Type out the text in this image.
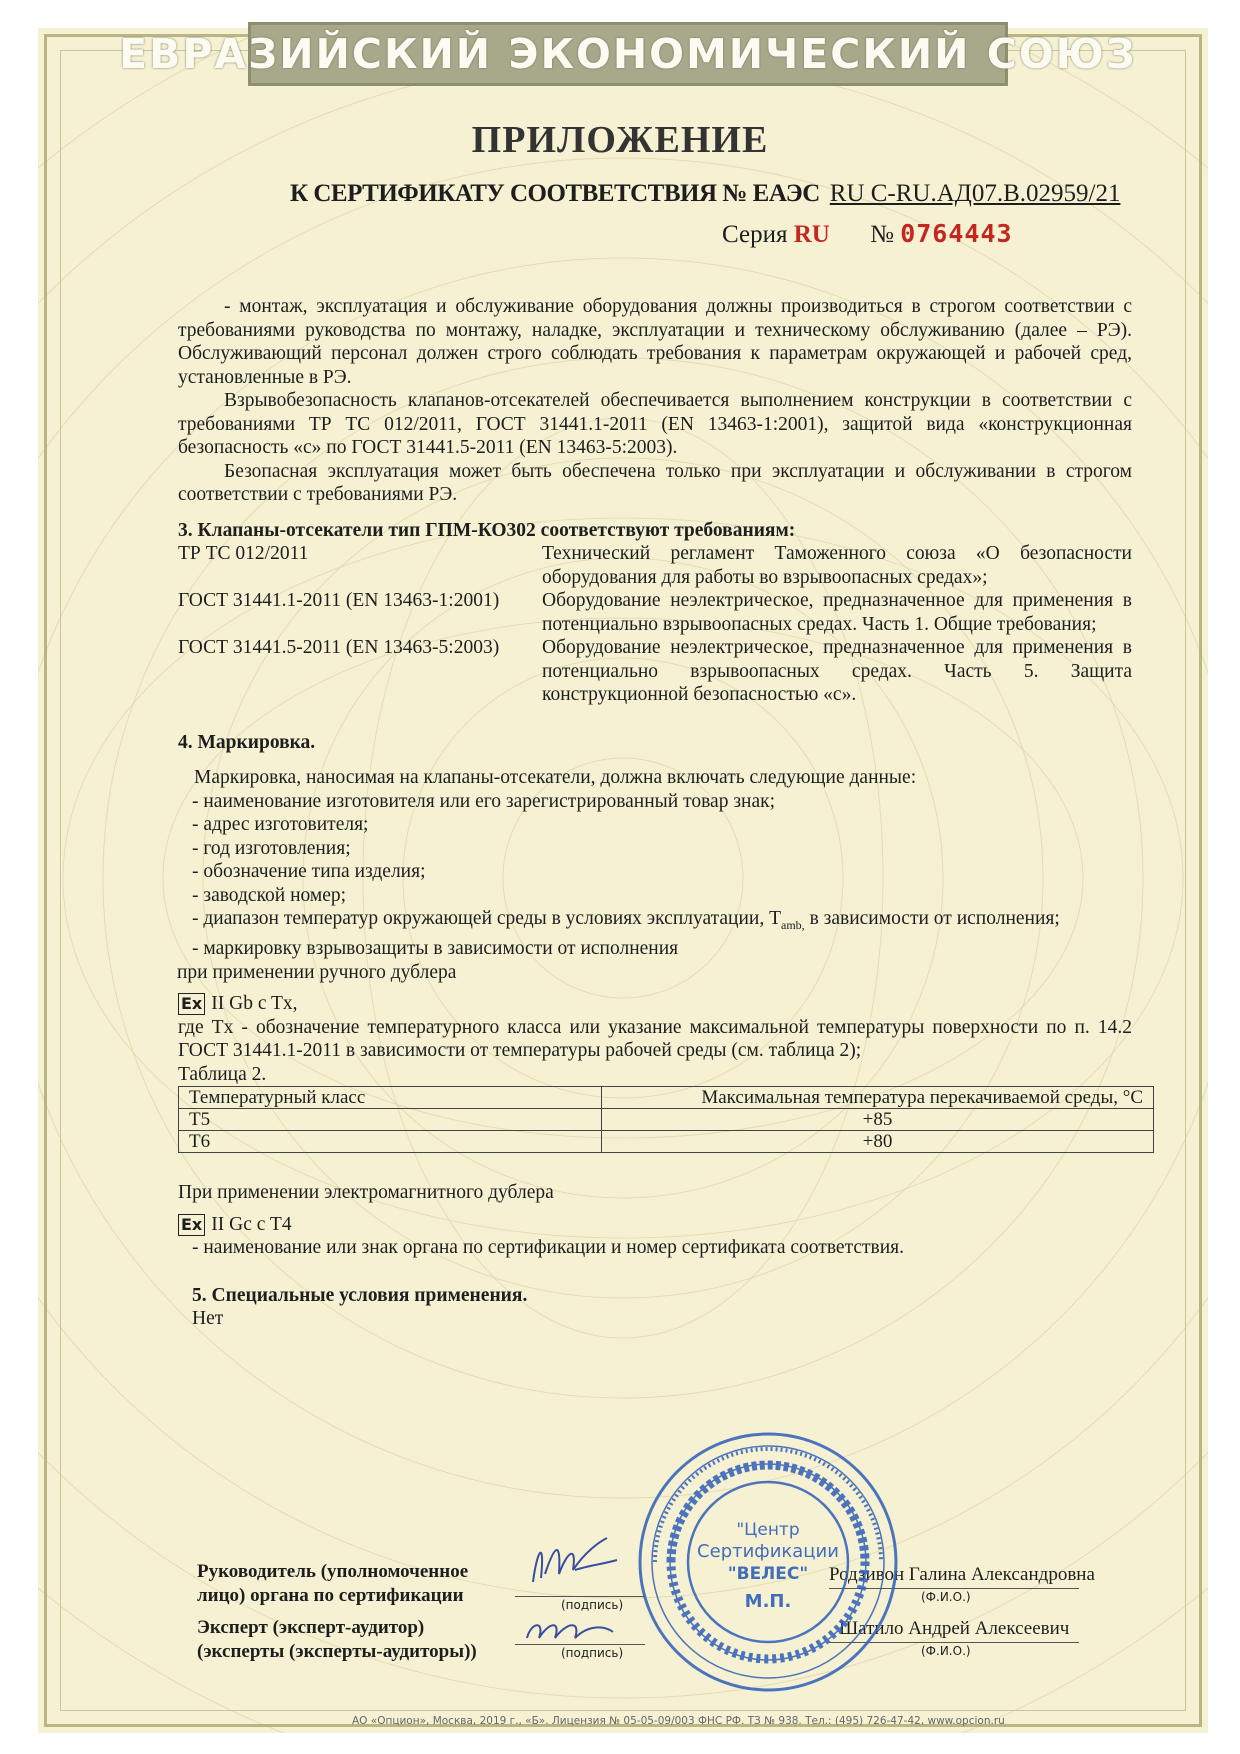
ЕВРАЗИЙСКИЙ ЭКОНОМИЧЕСКИЙ СОЮЗ
ПРИЛОЖЕНИЕ
К СЕРТИФИКАТУ СООТВЕТСТВИЯ № ЕАЭС RU С-RU.АД07.В.02959/21
Серия RU № 0764443

- монтаж, эксплуатация и обслуживание оборудования должны производиться в строгом соответствии с требованиями руководства по монтажу, наладке, эксплуатации и техническому обслуживанию (далее – РЭ). Обслуживающий персонал должен строго соблюдать требования к параметрам окружающей и рабочей сред, установленные в РЭ.

Взрывобезопасность клапанов-отсекателей обеспечивается выполнением конструкции в соответствии с требованиями ТР ТС 012/2011, ГОСТ 31441.1-2011 (EN 13463-1:2001), защитой вида «конструкционная безопасность «с» по ГОСТ 31441.5-2011 (EN 13463-5:2003).

Безопасная эксплуатация может быть обеспечена только при эксплуатации и обслуживании в строгом соответствии с требованиями РЭ.

3. Клапаны-отсекатели тип ГПМ-КО302 соответствуют требованиям:

ТР ТС 012/2011	Технический регламент Таможенного союза «О безопасности оборудования для работы во взрывоопасных средах»;
ГОСТ 31441.1-2011 (EN 13463-1:2001)	Оборудование неэлектрическое, предназначенное для применения в потенциально взрывоопасных средах. Часть 1. Общие требования;
ГОСТ 31441.5-2011 (EN 13463-5:2003)	Оборудование неэлектрическое, предназначенное для применения в потенциально взрывоопасных средах. Часть 5. Защита конструкционной безопасностью «с».

4. Маркировка.

Маркировка, наносимая на клапаны-отсекатели, должна включать следующие данные:
- наименование изготовителя или его зарегистрированный товар знак;
- адрес изготовителя;
- год изготовления;
- обозначение типа изделия;
- заводской номер;
- диапазон температур окружающей среды в условиях эксплуатации, $T_{amb,}$ в зависимости от исполнения;
- маркировку взрывозащиты в зависимости от исполнения
при применении ручного дублера
Ex II Gb c Tx,

где Tx - обозначение температурного класса или указание максимальной температуры поверхности по п. 14.2 ГОСТ 31441.1-2011 в зависимости от температуры рабочей среды (см. таблица 2);

Таблица 2.
Температурный класс	Максимальная температура перекачиваемой среды, °С
Т5	+85
Т6	+80
При применении электромагнитного дублера
Ex II Gc c T4
- наименование или знак органа по сертификации и номер сертификата соответствия.

5. Специальные условия применения.

Нет
Руководитель (уполномоченное
лицо) органа по сертификации	(подпись)
Родзивон Галина Александровна
(Ф.И.О.)
Эксперт (эксперт-аудитор)
(эксперты (эксперты-аудиторы))	(подпись)
Шатило Андрей Алексеевич
(Ф.И.О.)
"Центр
Сертификации
"ВЕЛЕС"
М.П.
АО «Опцион», Москва, 2019 г., «Б». Лицензия № 05-05-09/003 ФНС РФ. ТЗ № 938. Тел.: (495) 726-47-42, www.opcion.ru
